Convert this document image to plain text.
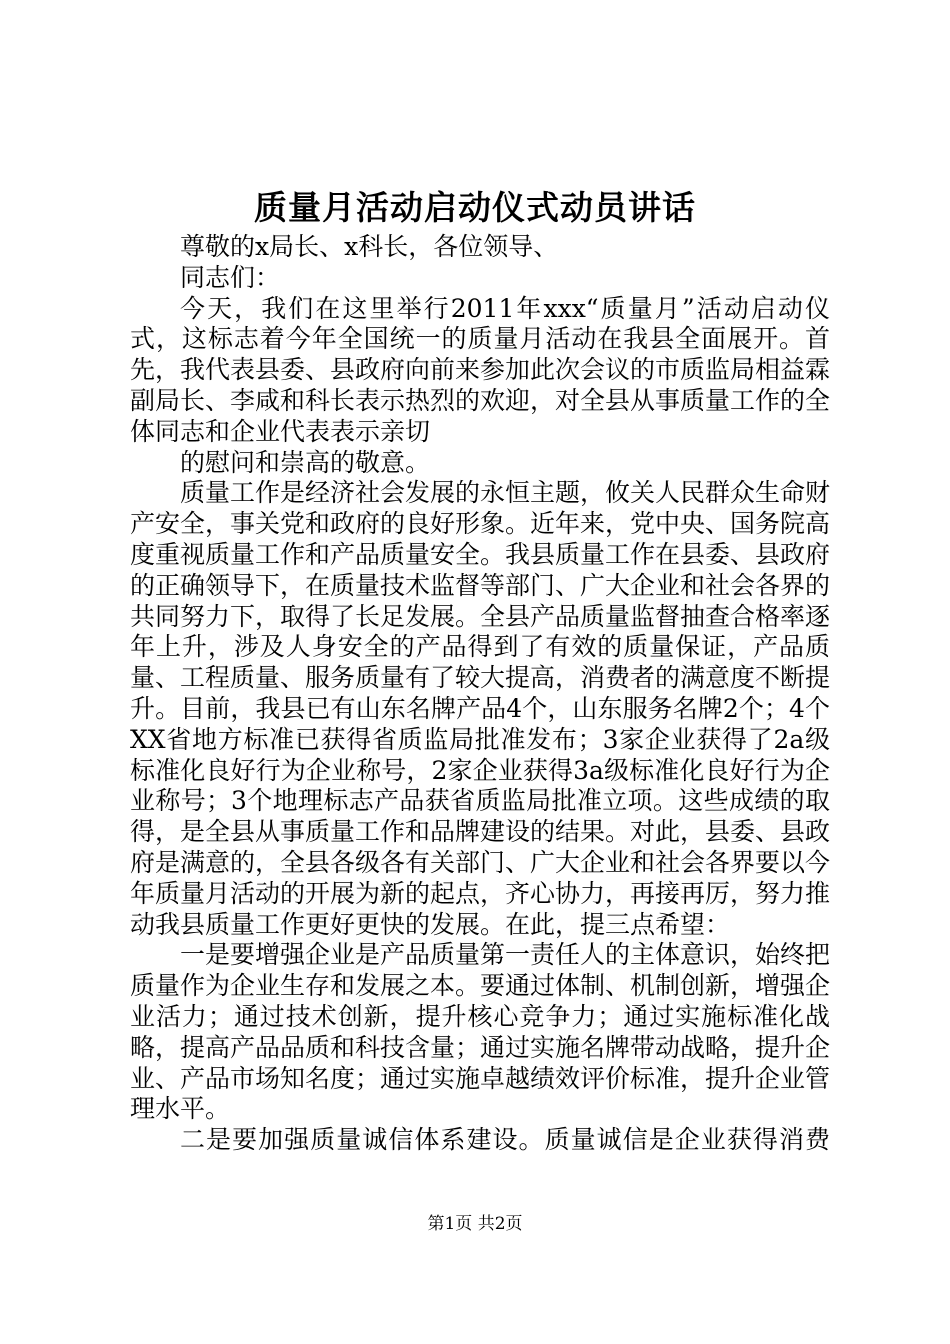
质量月活动启动仪式动员讲话

尊敬的x局长、x科长，各位领导、

同志们：

今天，我们在这里举行2011年xxx“质量月”活动启动仪式，这标志着今年全国统一的质量月活动在我县全面展开。首先，我代表县委、县政府向前来参加此次会议的市质监局相益霖副局长、李咸和科长表示热烈的欢迎，对全县从事质量工作的全体同志和企业代表表示亲切

的慰问和崇高的敬意。

质量工作是经济社会发展的永恒主题，攸关人民群众生命财产安全，事关党和政府的良好形象。近年来，党中央、国务院高度重视质量工作和产品质量安全。我县质量工作在县委、县政府的正确领导下，在质量技术监督等部门、广大企业和社会各界的共同努力下，取得了长足发展。全县产品质量监督抽查合格率逐年上升，涉及人身安全的产品得到了有效的质量保证，产品质量、工程质量、服务质量有了较大提高，消费者的满意度不断提升。目前，我县已有山东名牌产品4个，山东服务名牌2个；4个XX省地方标准已获得省质监局批准发布；3家企业获得了2a级标准化良好行为企业称号，2家企业获得3a级标准化良好行为企业称号；3个地理标志产品获省质监局批准立项。这些成绩的取得，是全县从事质量工作和品牌建设的结果。对此，县委、县政府是满意的，全县各级各有关部门、广大企业和社会各界要以今年质量月活动的开展为新的起点，齐心协力，再接再厉，努力推动我县质量工作更好更快的发展。在此，提三点希望：

一是要增强企业是产品质量第一责任人的主体意识，始终把质量作为企业生存和发展之本。要通过体制、机制创新，增强企业活力；通过技术创新，提升核心竞争力；通过实施标准化战略，提高产品品质和科技含量；通过实施名牌带动战略，提升企业、产品市场知名度；通过实施卓越绩效评价标准，提升企业管理水平。

二是要加强质量诚信体系建设。质量诚信是企业获得消费

第1页 共2页
